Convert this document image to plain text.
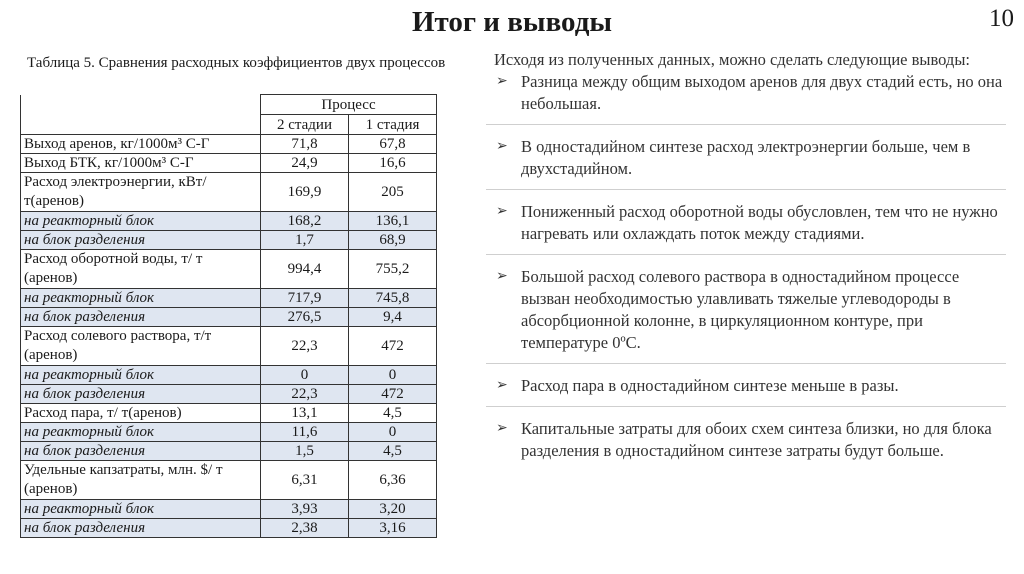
Итог и выводы	10
Таблица 5. Сравнения расходных коэффициентов двух процессов
	Процесс	
	2 стадии	1 стадия
Выход аренов, кг/1000м³ С-Г	71,8	67,8
Выход БТК, кг/1000м³ С-Г	24,9	16,6
Расход электроэнергии, кВт/т(аренов)	169,9	205
на реакторный блок	168,2	136,1
на блок разделения	1,7	68,9
Расход оборотной воды, т/ т (аренов)	994,4	755,2
на реакторный блок	717,9	745,8
на блок разделения	276,5	9,4
Расход солевого раствора, т/т (аренов)	22,3	472
на реакторный блок	0	0
на блок разделения	22,3	472
Расход пара, т/ т(аренов)	13,1	4,5
на реакторный блок	11,6	0
на блок разделения	1,5	4,5
Удельные капзатраты, млн. $/ т (аренов)	6,31	6,36
на реакторный блок	3,93	3,20
на блок разделения	2,38	3,16
Исходя из полученных данных, можно сделать следующие выводы:
➢ Разница между общим выходом аренов для двух стадий есть, но она небольшая.
➢ В одностадийном синтезе расход электроэнергии больше, чем в двухстадийном.
➢ Пониженный расход оборотной воды обусловлен, тем что не нужно нагревать или охлаждать поток между стадиями.
➢ Большой расход солевого раствора в одностадийном процессе вызван необходимостью улавливать тяжелые углеводороды в абсорбционной колонне, в циркуляционном контуре, при температуре 0ºС.
➢ Расход пара в одностадийном синтезе меньше в разы.
➢ Капитальные затраты для обоих схем синтеза близки, но для блока разделения в одностадийном синтезе затраты будут больше.
